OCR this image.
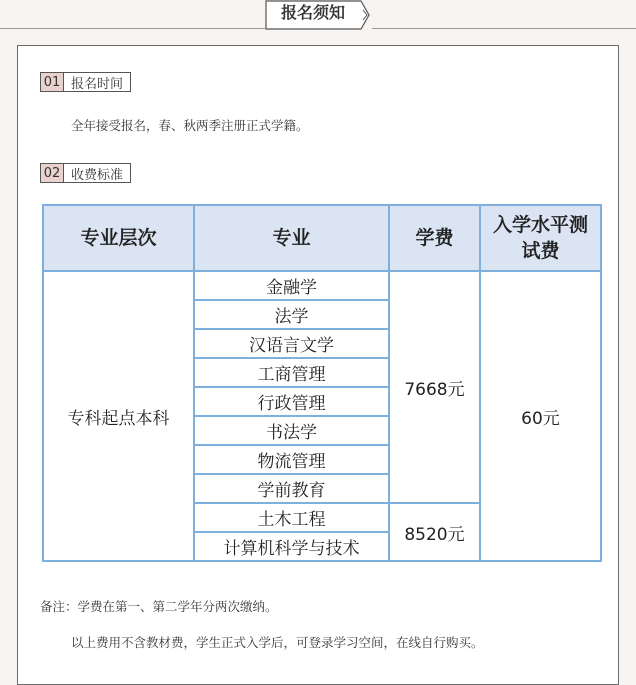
报名须知
01 报名时间
全年接受报名，春、秋两季注册正式学籍。
02 收费标准
专业层次	专业	学费	入学水平测试费
专科起点本科	金融学	7668元	60元
	法学		
	汉语言文学		
	工商管理		
	行政管理		
	书法学		
	物流管理		
	学前教育		
	土木工程	8520元	
	计算机科学与技术		
备注：学费在第一、第二学年分两次缴纳。
以上费用不含教材费，学生正式入学后，可登录学习空间，在线自行购买。
